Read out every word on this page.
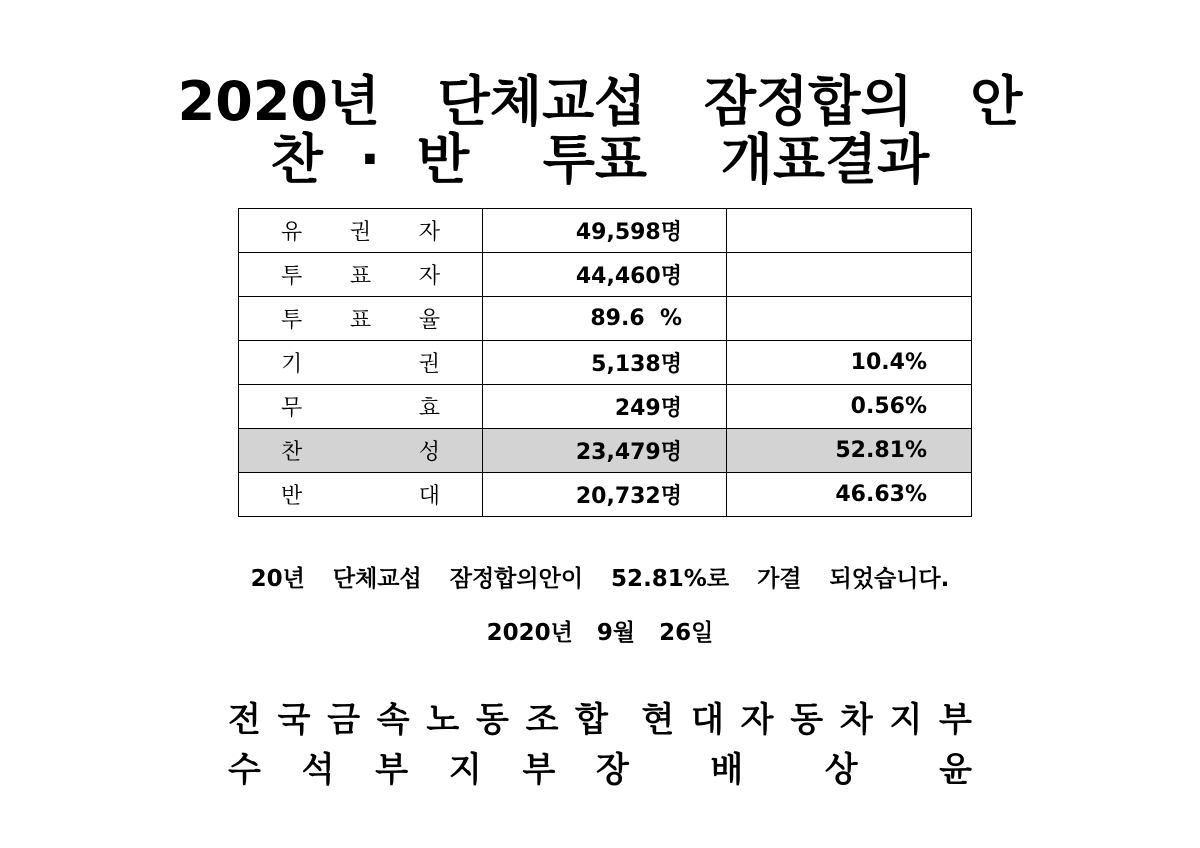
2020년  단체교섭  잠정합의  안
찬 · 반  투표  개표결과
유 권 자	49,598명	

투 표 자	44,460명	

투 표 율	89.6  %	

기 권	5,138명	10.4%

무 효	249명	0.56%

찬 성	23,479명	52.81%

반 대	20,732명	46.63%
20년  단체교섭  잠정합의안이  52.81%로  가결  되었습니다.
2020년  9월  26일
전 국 금 속 노 동 조 합 현 대 자 동 차 지 부
수 석 부 지 부 장 배 상 윤
